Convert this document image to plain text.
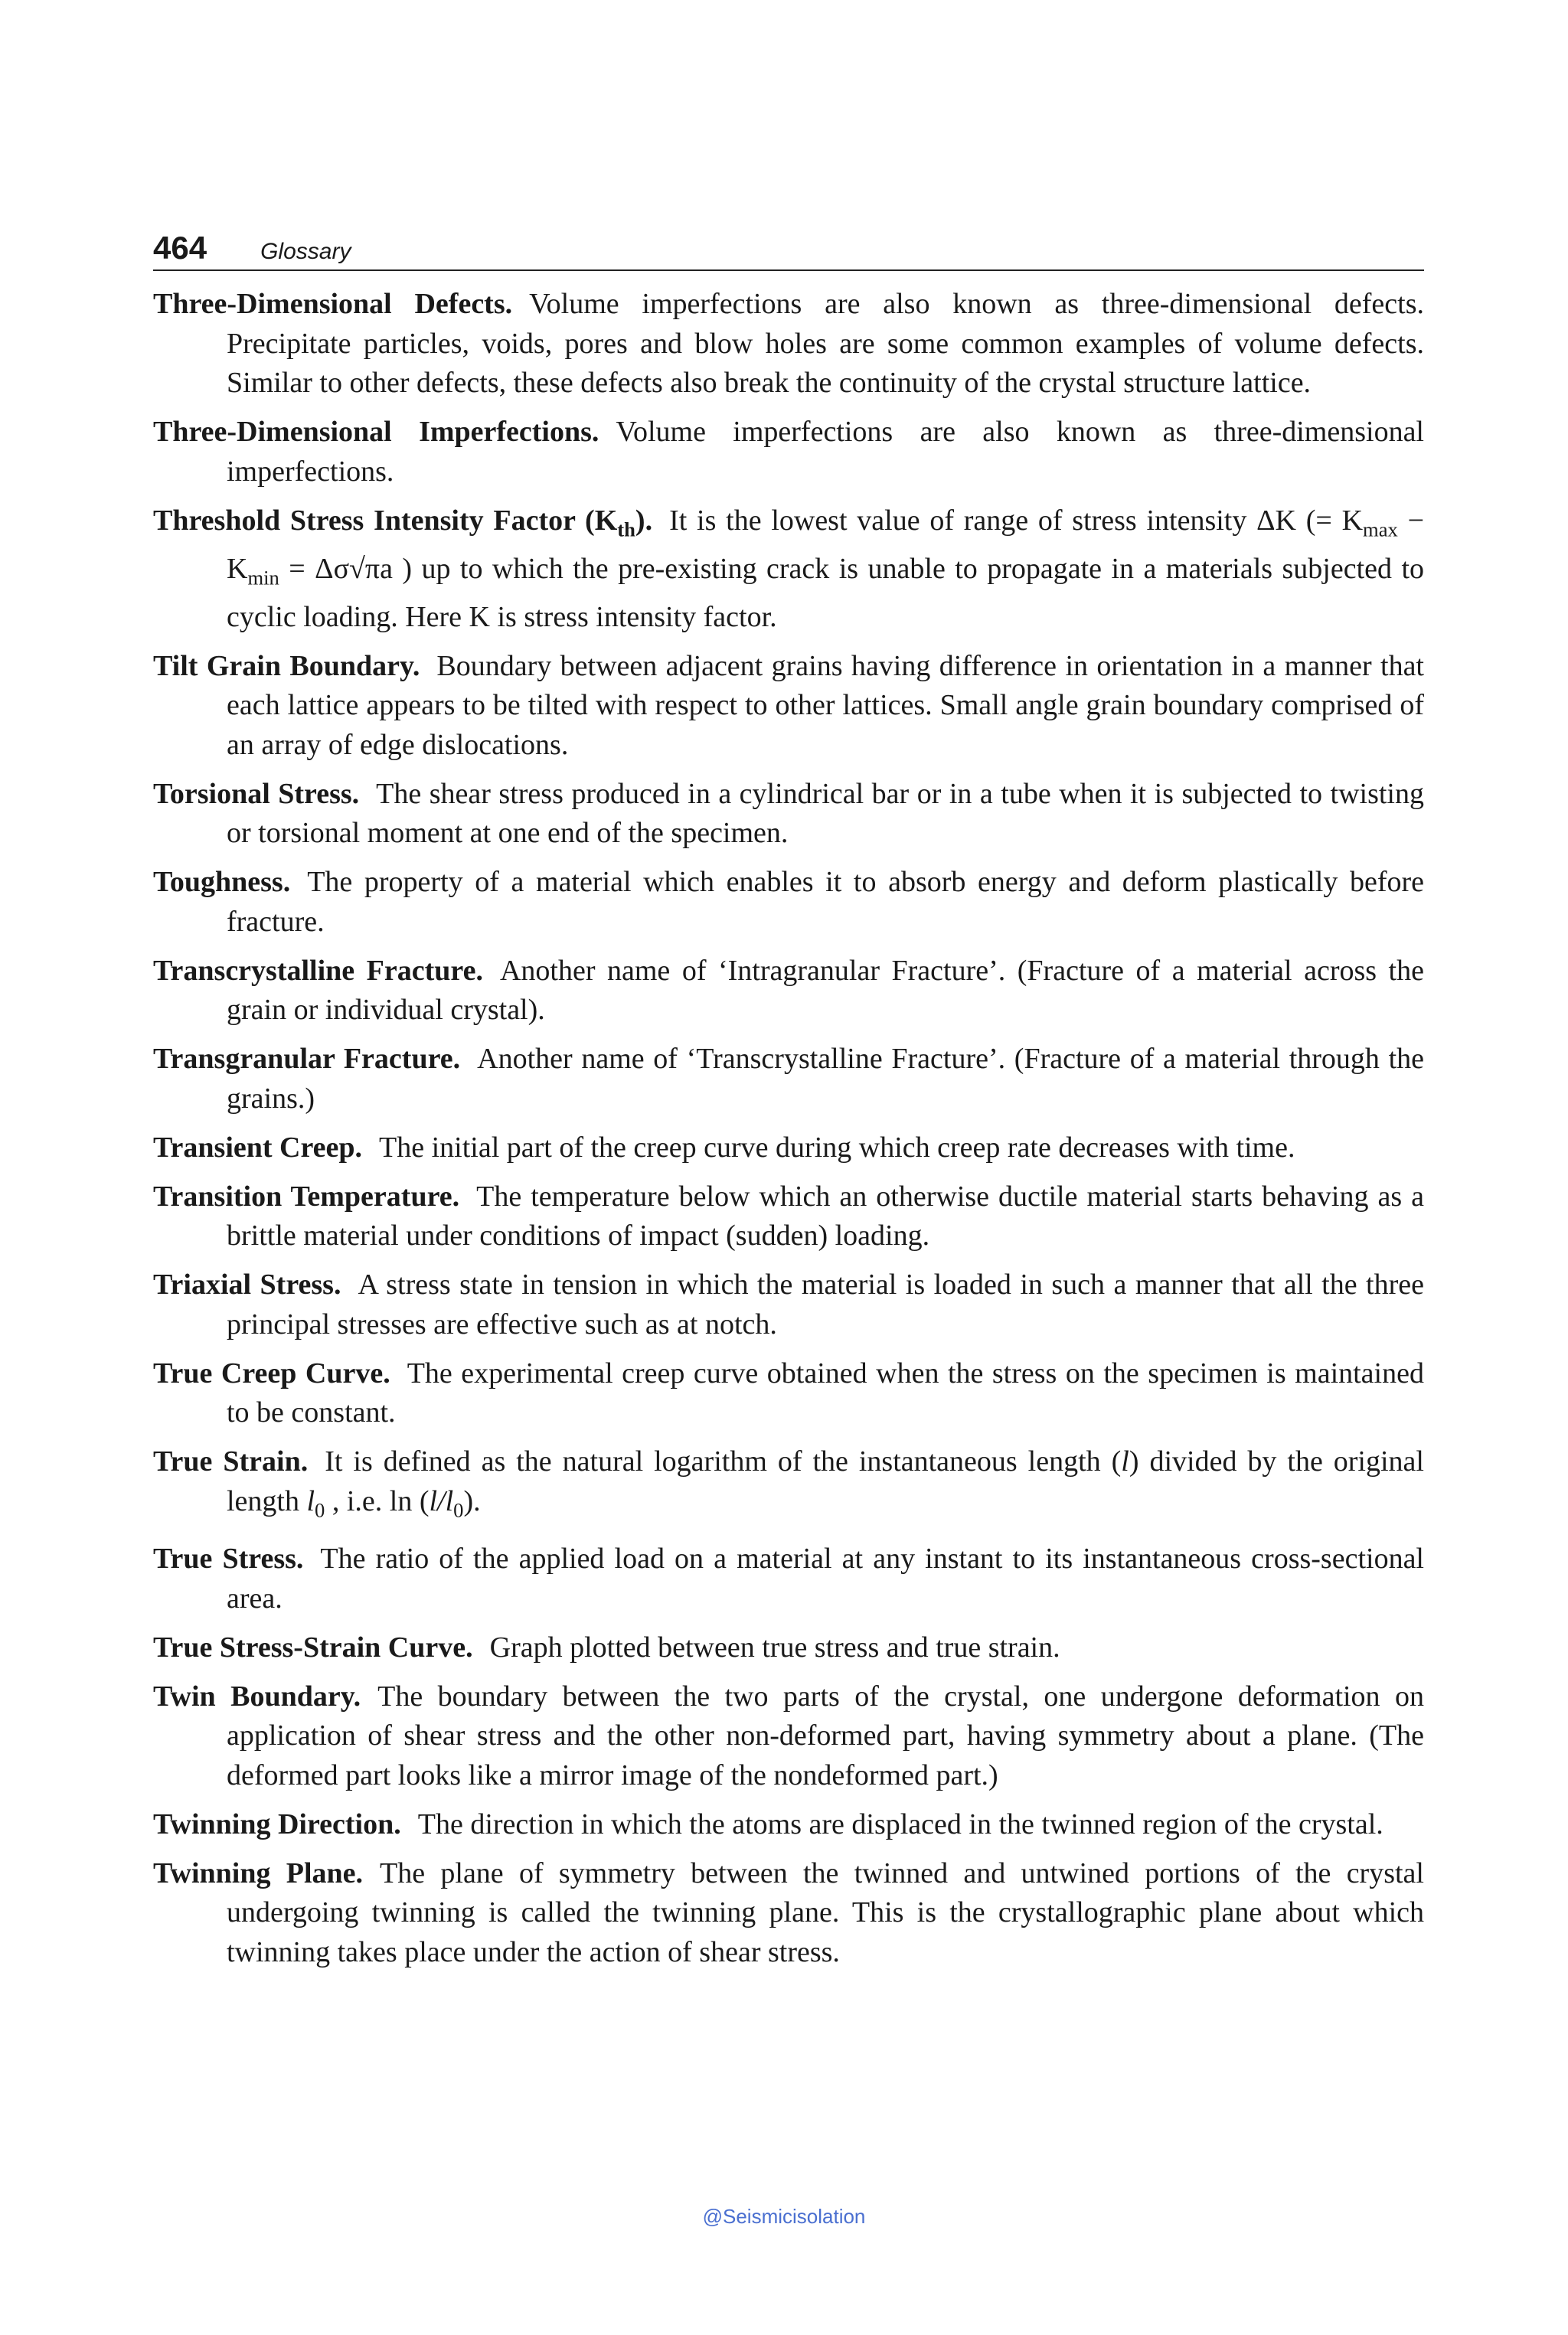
464 Glossary

Three-Dimensional Defects. Volume imperfections are also known as three-dimensional defects. Precipitate particles, voids, pores and blow holes are some common examples of volume defects. Similar to other defects, these defects also break the continuity of the crystal structure lattice.

Three-Dimensional Imperfections. Volume imperfections are also known as three-dimensional imperfections.

Threshold Stress Intensity Factor $(K_{th})$. It is the lowest value of range of stress intensity ΔK (= $K_{max} - K_{min} = \Delta\sigma√\pi a$ ) up to which the pre-existing crack is unable to propagate in a materials subjected to cyclic loading. Here K is stress intensity factor.

Tilt Grain Boundary. Boundary between adjacent grains having difference in orientation in a manner that each lattice appears to be tilted with respect to other lattices. Small angle grain boundary comprised of an array of edge dislocations.

Torsional Stress. The shear stress produced in a cylindrical bar or in a tube when it is subjected to twisting or torsional moment at one end of the specimen.

Toughness. The property of a material which enables it to absorb energy and deform plastically before fracture.

Transcrystalline Fracture. Another name of ‘Intragranular Fracture’. (Fracture of a material across the grain or individual crystal).

Transgranular Fracture. Another name of ‘Transcrystalline Fracture’. (Fracture of a material through the grains.)

Transient Creep. The initial part of the creep curve during which creep rate decreases with time.

Transition Temperature. The temperature below which an otherwise ductile material starts behaving as a brittle material under conditions of impact (sudden) loading.

Triaxial Stress. A stress state in tension in which the material is loaded in such a manner that all the three principal stresses are effective such as at notch.

True Creep Curve. The experimental creep curve obtained when the stress on the specimen is maintained to be constant.

True Strain. It is defined as the natural logarithm of the instantaneous length (l) divided by the original length $l_0$ , i.e. $\ln (l/l_0)$.

True Stress. The ratio of the applied load on a material at any instant to its instantaneous cross-sectional area.

True Stress-Strain Curve. Graph plotted between true stress and true strain.

Twin Boundary. The boundary between the two parts of the crystal, one undergone deformation on application of shear stress and the other non-deformed part, having symmetry about a plane. (The deformed part looks like a mirror image of the nondeformed part.)

Twinning Direction. The direction in which the atoms are displaced in the twinned region of the crystal.

Twinning Plane. The plane of symmetry between the twinned and untwined portions of the crystal undergoing twinning is called the twinning plane. This is the crystallographic plane about which twinning takes place under the action of shear stress.

@Seismicisolation
